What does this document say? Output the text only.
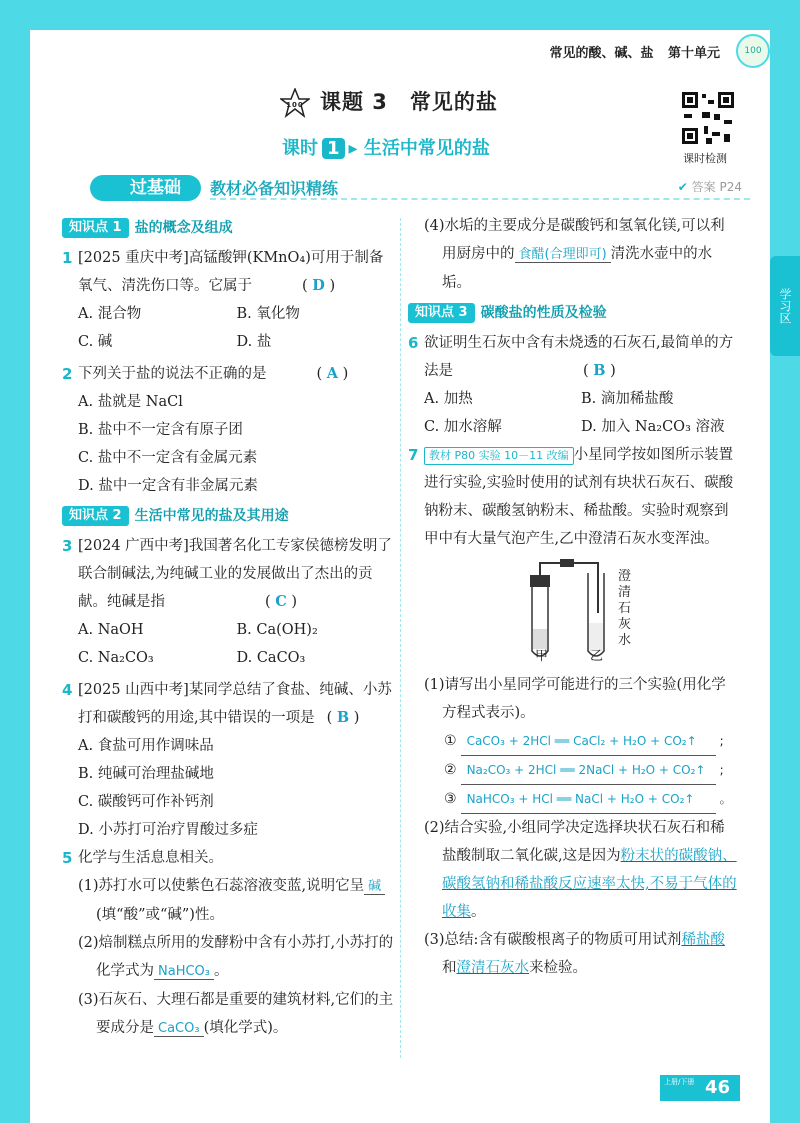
100
常见的酸、碱、盐 第十单元
100 课题 3　常见的盐
课时 1 ▸ 生活中常见的盐	课时检测
过基础	教材必备知识精练	✔ 答案 P24
知识点 1 盐的概念及组成
1 [2025 重庆中考]高锰酸钾(KMnO₄)可用于制备氧气、清洗伤口等。它属于	( D )
A. 混合物	B. 氧化物
C. 碱	D. 盐
2 下列关于盐的说法不正确的是	( A )
A. 盐就是 NaCl
B. 盐中不一定含有原子团
C. 盐中不一定含有金属元素
D. 盐中一定含有非金属元素
知识点 2 生活中常见的盐及其用途
3 [2024 广西中考]我国著名化工专家侯德榜发明了联合制碱法,为纯碱工业的发展做出了杰出的贡献。纯碱是指	( C )
A. NaOH	B. Ca(OH)₂
C. Na₂CO₃	D. CaCO₃
4 [2025 山西中考]某同学总结了食盐、纯碱、小苏打和碳酸钙的用途,其中错误的一项是 ( B )
A. 食盐可用作调味品
B. 纯碱可治理盐碱地
C. 碳酸钙可作补钙剂
D. 小苏打可治疗胃酸过多症
5 化学与生活息息相关。
(1)苏打水可以使紫色石蕊溶液变蓝,说明它呈 碱(填“酸”或“碱”)性。
(2)焙制糕点所用的发酵粉中含有小苏打,小苏打的化学式为 NaHCO₃ 。
(3)石灰石、大理石都是重要的建筑材料,它们的主要成分是 CaCO₃ (填化学式)。
(4)水垢的主要成分是碳酸钙和氢氧化镁,可以利用厨房中的 食醋(合理即可) 清洗水壶中的水垢。
知识点 3 碳酸盐的性质及检验
6 欲证明生石灰中含有未烧透的石灰石,最简单的方法是	( B )
A. 加热	B. 滴加稀盐酸
C. 加水溶解	D. 加入 Na₂CO₃ 溶液
7 教材 P80 实验 10－11 改编 小星同学按如图所示装置进行实验,实验时使用的试剂有块状石灰石、碳酸钠粉末、碳酸氢钠粉末、稀盐酸。实验时观察到甲中有大量气泡产生,乙中澄清石灰水变浑浊。
甲	乙
澄清石灰水
(1)请写出小星同学可能进行的三个实验(用化学方程式表示)。
① CaCO₃ + 2HCl ══ CaCl₂ + H₂O + CO₂↑ ;
② Na₂CO₃ + 2HCl ══ 2NaCl + H₂O + CO₂↑ ;
③ NaHCO₃ + HCl ══ NaCl + H₂O + CO₂↑ 。
(2)结合实验,小组同学决定选择块状石灰石和稀盐酸制取二氧化碳,这是因为粉末状的碳酸钠、碳酸氢钠和稀盐酸反应速率太快,不易于气体的收集。
(3)总结:含有碳酸根离子的物质可用试剂稀盐酸和澄清石灰水来检验。
学习区
上册/下册 46
